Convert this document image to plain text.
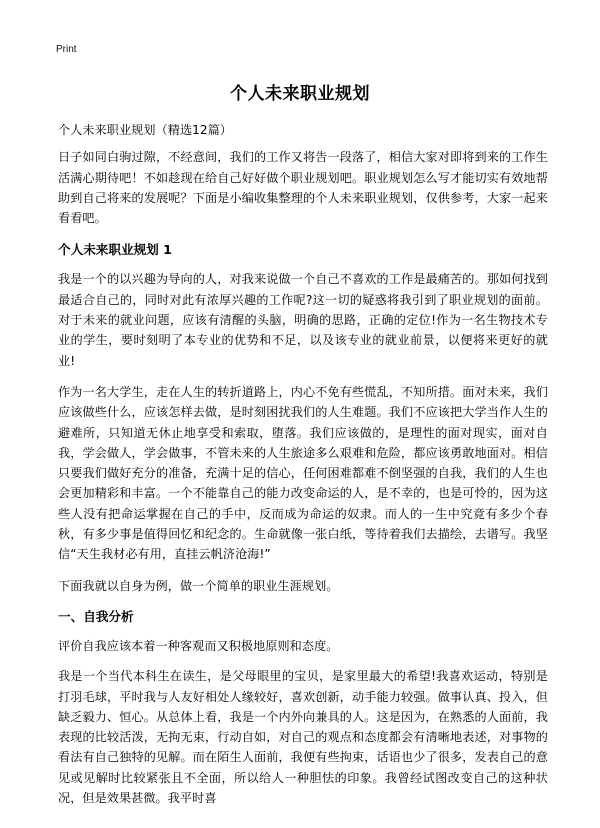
Print
个人未来职业规划

个人未来职业规划（精选12篇）

日子如同白驹过隙，不经意间，我们的工作又将告一段落了，相信大家对即将到来的工作生活满心期待吧！不如趁现在给自己好好做个职业规划吧。职业规划怎么写才能切实有效地帮助到自己将来的发展呢？下面是小编收集整理的个人未来职业规划，仅供参考，大家一起来看看吧。

个人未来职业规划 1

我是一个的以兴趣为导向的人，对我来说做一个自己不喜欢的工作是最痛苦的。那如何找到最适合自己的，同时对此有浓厚兴趣的工作呢?这一切的疑惑将我引到了职业规划的面前。对于未来的就业问题，应该有清醒的头脑，明确的思路，正确的定位!作为一名生物技术专业的学生，要时刻明了本专业的优势和不足，以及该专业的就业前景，以便将来更好的就业!

作为一名大学生，走在人生的转折道路上，内心不免有些慌乱，不知所措。面对未来，我们应该做些什么，应该怎样去做，是时刻困扰我们的人生难题。我们不应该把大学当作人生的避难所，只知道无休止地享受和索取，堕落。我们应该做的，是理性的面对现实，面对自我，学会做人，学会做事，不管未来的人生旅途多么艰难和危险，都应该勇敢地面对。相信只要我们做好充分的准备，充满十足的信心，任何困难都难不倒坚强的自我，我们的人生也会更加精彩和丰富。一个不能靠自己的能力改变命运的人，是不幸的，也是可怜的，因为这些人没有把命运掌握在自己的手中，反而成为命运的奴隶。而人的一生中究竟有多少个春秋，有多少事是值得回忆和纪念的。生命就像一张白纸，等待着我们去描绘，去谱写。我坚信“天生我材必有用，直挂云帆济沧海!”

下面我就以自身为例，做一个简单的职业生涯规划。

一、自我分析

评价自我应该本着一种客观而又积极地原则和态度。

我是一个当代本科生在读生，是父母眼里的宝贝，是家里最大的希望!我喜欢运动，特别是打羽毛球，平时我与人友好相处人缘较好，喜欢创新，动手能力较强。做事认真、投入，但缺乏毅力、恒心。从总体上看，我是一个内外向兼具的人。这是因为，在熟悉的人面前，我表现的比较活泼，无拘无束，行动自如，对自己的观点和态度都会有清晰地表述，对事物的看法有自己独特的见解。而在陌生人面前，我便有些拘束，话语也少了很多，发表自己的意见或见解时比较紧张且不全面，所以给人一种胆怯的印象。我曾经试图改变自己的这种状况，但是效果甚微。我平时喜
